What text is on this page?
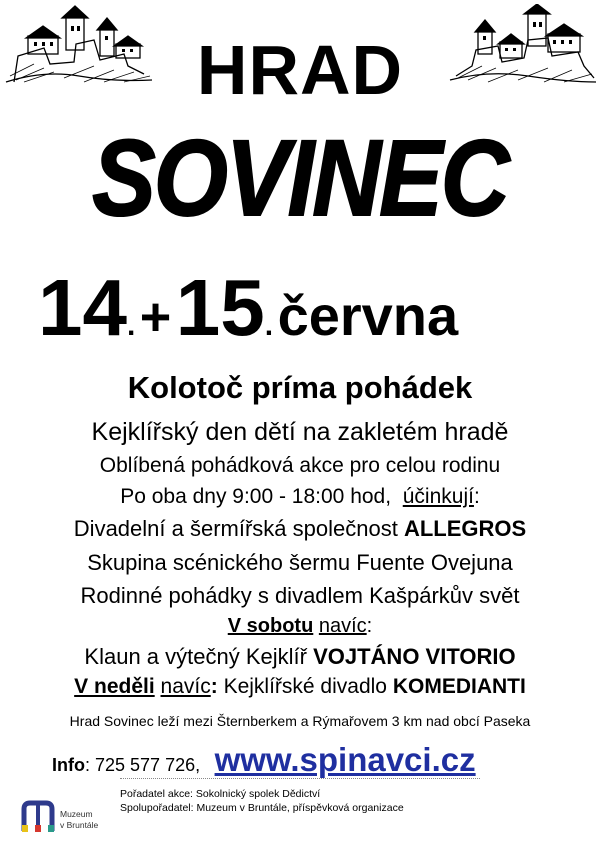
HRAD
SOVINEC
14. + 15. června
Kolotoč príma pohádek
Kejklířský den dětí na zakletém hradě
Oblíbená pohádková akce pro celou rodinu
Po oba dny 9:00 - 18:00 hod, účinkují:
Divadelní a šermířská společnost ALLEGROS
Skupina scénického šermu Fuente Ovejuna
Rodinné pohádky s divadlem Kašpárkův svět
V sobotu navíc:
Klaun a výtečný Kejklíř VOJTÁNO VITORIO
V neděli navíc: Kejklířské divadlo KOMEDIANTI
Hrad Sovinec leží mezi Šternberkem a Rýmařovem 3 km nad obcí Paseka
Info: 725 577 726, www.spinavci.cz
Pořadatel akce: Sokolnický spolek Dědictví
Spolupořadatel: Muzeum v Bruntále, příspěvková organizace
Muzeum
v Bruntále
